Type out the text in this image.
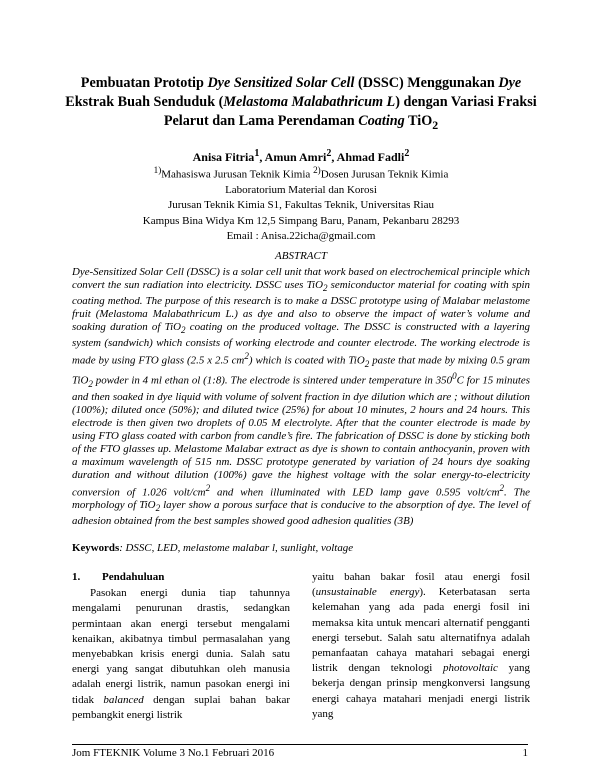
Pembuatan Prototip Dye Sensitized Solar Cell (DSSC) Menggunakan Dye
Ekstrak Buah Senduduk (Melastoma Malabathricum L) dengan Variasi Fraksi
Pelarut dan Lama Perendaman Coating TiO$_2$
Anisa Fitria$^1$, Amun Amri$^2$, Ahmad Fadli$^2$
$^{1)}$Mahasiswa Jurusan Teknik Kimia $^{2)}$Dosen Jurusan Teknik Kimia
Laboratorium Material dan Korosi
Jurusan Teknik Kimia S1, Fakultas Teknik, Universitas Riau
Kampus Bina Widya Km 12,5 Simpang Baru, Panam, Pekanbaru 28293
Email : Anisa.22icha@gmail.com
ABSTRACT

Dye-Sensitized Solar Cell (DSSC) is a solar cell unit that work based on electrochemical principle which convert the sun radiation into electricity. DSSC uses TiO$_2$ semiconductor material for coating with spin coating method. The purpose of this research is to make a DSSC prototype using of Malabar melastome fruit (Melastoma Malabathricum L.) as dye and also to observe the impact of water’s volume and soaking duration of TiO$_2$ coating on the produced voltage. The DSSC is constructed with a layering system (sandwich) which consists of working electrode and counter electrode. The working electrode is made by using FTO glass (2.5 x 2.5 $cm^2$) which is coated with TiO$_2$ paste that made by mixing 0.5 gram TiO$_2$ powder in 4 ml ethan ol (1:8). The electrode is sintered under temperature in $350^0C$ for 15 minutes and then soaked in dye liquid with volume of solvent fraction in dye dilution which are ; without dilution (100%); diluted once (50%); and diluted twice (25%) for about 10 minutes, 2 hours and 24 hours. This electrode is then given two droplets of 0.05 M electrolyte. After that the counter electrode is made by using FTO glass coated with carbon from candle’s fire. The fabrication of DSSC is done by sticking both of the FTO glasses up. Melastome Malabar extract as dye is shown to contain anthocyanin, proven with a maximum wavelength of 515 nm. DSSC prototype generated by variation of 24 hours dye soaking duration and without dilution (100%) gave the highest voltage with the solar energy-to-electricity conversion of 1.026 volt/$cm^2$ and when illuminated with LED lamp gave 0.595 volt/$cm^2$. The morphology of TiO$_2$ layer show a porous surface that is conducive to the absorption of dye. The level of adhesion obtained from the best samples showed good adhesion qualities (3B)

Keywords: DSSC, LED, melastome malabar l, sunlight, voltage
1. Pendahuluan

Pasokan energi dunia tiap tahunnya mengalami penurunan drastis, sedangkan permintaan akan energi tersebut mengalami kenaikan, akibatnya timbul permasalahan yang menyebabkan krisis energi dunia. Salah satu energi yang sangat dibutuhkan oleh manusia adalah energi listrik, namun pasokan energi ini tidak balanced dengan suplai bahan bakar pembangkit energi listrik

yaitu bahan bakar fosil atau energi fosil (unsustainable energy). Keterbatasan serta kelemahan yang ada pada energi fosil ini memaksa kita untuk mencari alternatif pengganti energi tersebut. Salah satu alternatifnya adalah pemanfaatan cahaya matahari sebagai energi listrik dengan teknologi photovoltaic yang bekerja dengan prinsip mengkonversi langsung energi cahaya matahari menjadi energi listrik yang

Jom FTEKNIK Volume 3 No.1 Februari 2016	1
